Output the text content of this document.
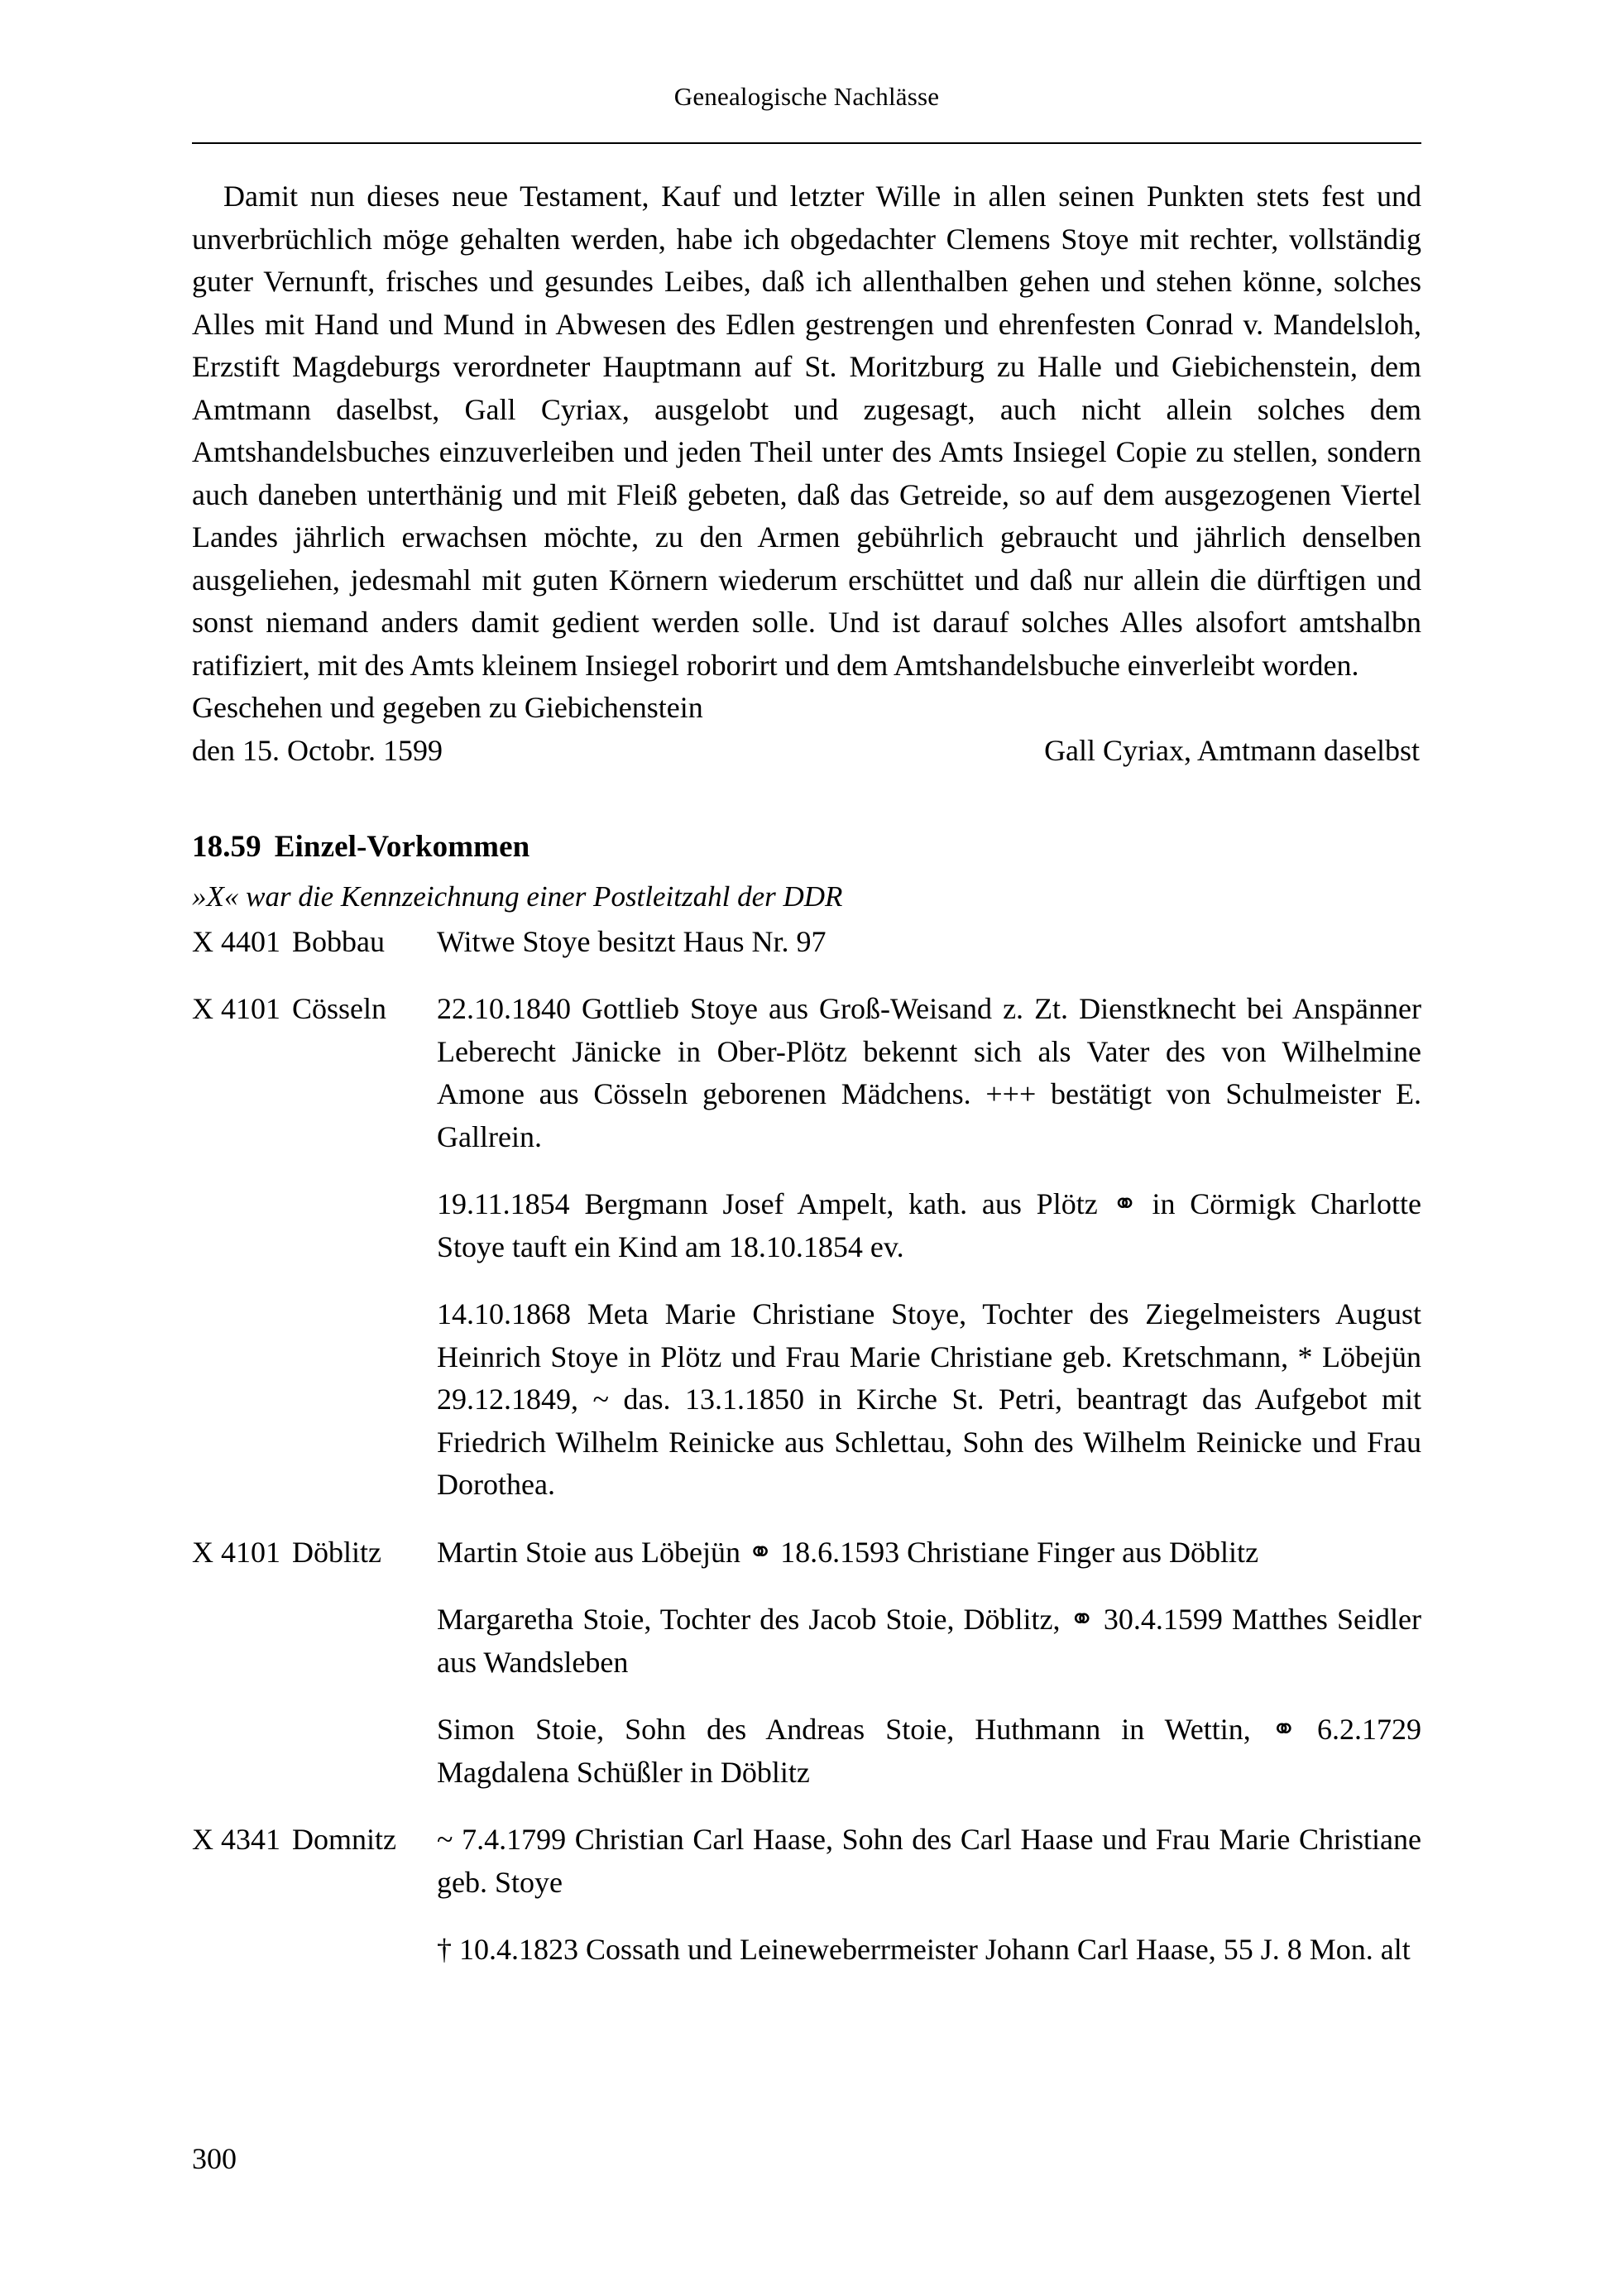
Genealogische Nachlässe

Damit nun dieses neue Testament, Kauf und letzter Wille in allen seinen Punkten stets fest und unverbrüchlich möge gehalten werden, habe ich obgedachter Clemens Stoye mit rechter, vollständig guter Vernunft, frisches und gesundes Leibes, daß ich allenthalben gehen und stehen könne, solches Alles mit Hand und Mund in Abwesen des Edlen gestrengen und ehrenfesten Conrad v. Mandelsloh, Erzstift Magdeburgs verordneter Hauptmann auf St. Moritzburg zu Halle und Giebichenstein, dem Amtmann daselbst, Gall Cyriax, ausgelobt und zugesagt, auch nicht allein solches dem Amtshandelsbuches einzuverleiben und jeden Theil unter des Amts Insiegel Copie zu stellen, sondern auch daneben unterthänig und mit Fleiß gebeten, daß das Getreide, so auf dem ausgezogenen Viertel Landes jährlich erwachsen möchte, zu den Armen gebührlich gebraucht und jährlich denselben ausgeliehen, jedesmahl mit guten Körnern wiederum erschüttet und daß nur allein die dürftigen und sonst niemand anders damit gedient werden solle. Und ist darauf solches Alles alsofort amtshalbn ratifiziert, mit des Amts kleinem Insiegel roborirt und dem Amtshandelsbuche einverleibt worden.

Geschehen und gegeben zu Giebichenstein

den 15. Octobr. 1599	Gall Cyriax, Amtmann daselbst
18.59 Einzel-Vorkommen

»X« war die Kennzeichnung einer Postleitzahl der DDR

X 4401 Bobbau	Witwe Stoye besitzt Haus Nr. 97

X 4101 Cösseln	22.10.1840 Gottlieb Stoye aus Groß-Weisand z. Zt. Dienstknecht bei Anspänner Leberecht Jänicke in Ober-Plötz bekennt sich als Vater des von Wilhelmine Amone aus Cösseln geborenen Mädchens. +++ bestätigt von Schulmeister E. Gallrein.

19.11.1854 Bergmann Josef Ampelt, kath. aus Plötz ⚭ in Cörmigk Charlotte Stoye tauft ein Kind am 18.10.1854 ev.

14.10.1868 Meta Marie Christiane Stoye, Tochter des Ziegelmeisters August Heinrich Stoye in Plötz und Frau Marie Christiane geb. Kretschmann, * Löbejün 29.12.1849, ~ das. 13.1.1850 in Kirche St. Petri, beantragt das Aufgebot mit Friedrich Wilhelm Reinicke aus Schlettau, Sohn des Wilhelm Reinicke und Frau Dorothea.

X 4101 Döblitz	Martin Stoie aus Löbejün ⚭ 18.6.1593 Christiane Finger aus Döblitz

Margaretha Stoie, Tochter des Jacob Stoie, Döblitz, ⚭ 30.4.1599 Matthes Seidler aus Wandsleben

Simon Stoie, Sohn des Andreas Stoie, Huthmann in Wettin, ⚭ 6.2.1729 Magdalena Schüßler in Döblitz

X 4341 Domnitz	~ 7.4.1799 Christian Carl Haase, Sohn des Carl Haase und Frau Marie Christiane geb. Stoye

† 10.4.1823 Cossath und Leineweberrmeister Johann Carl Haase, 55 J. 8 Mon. alt

300
